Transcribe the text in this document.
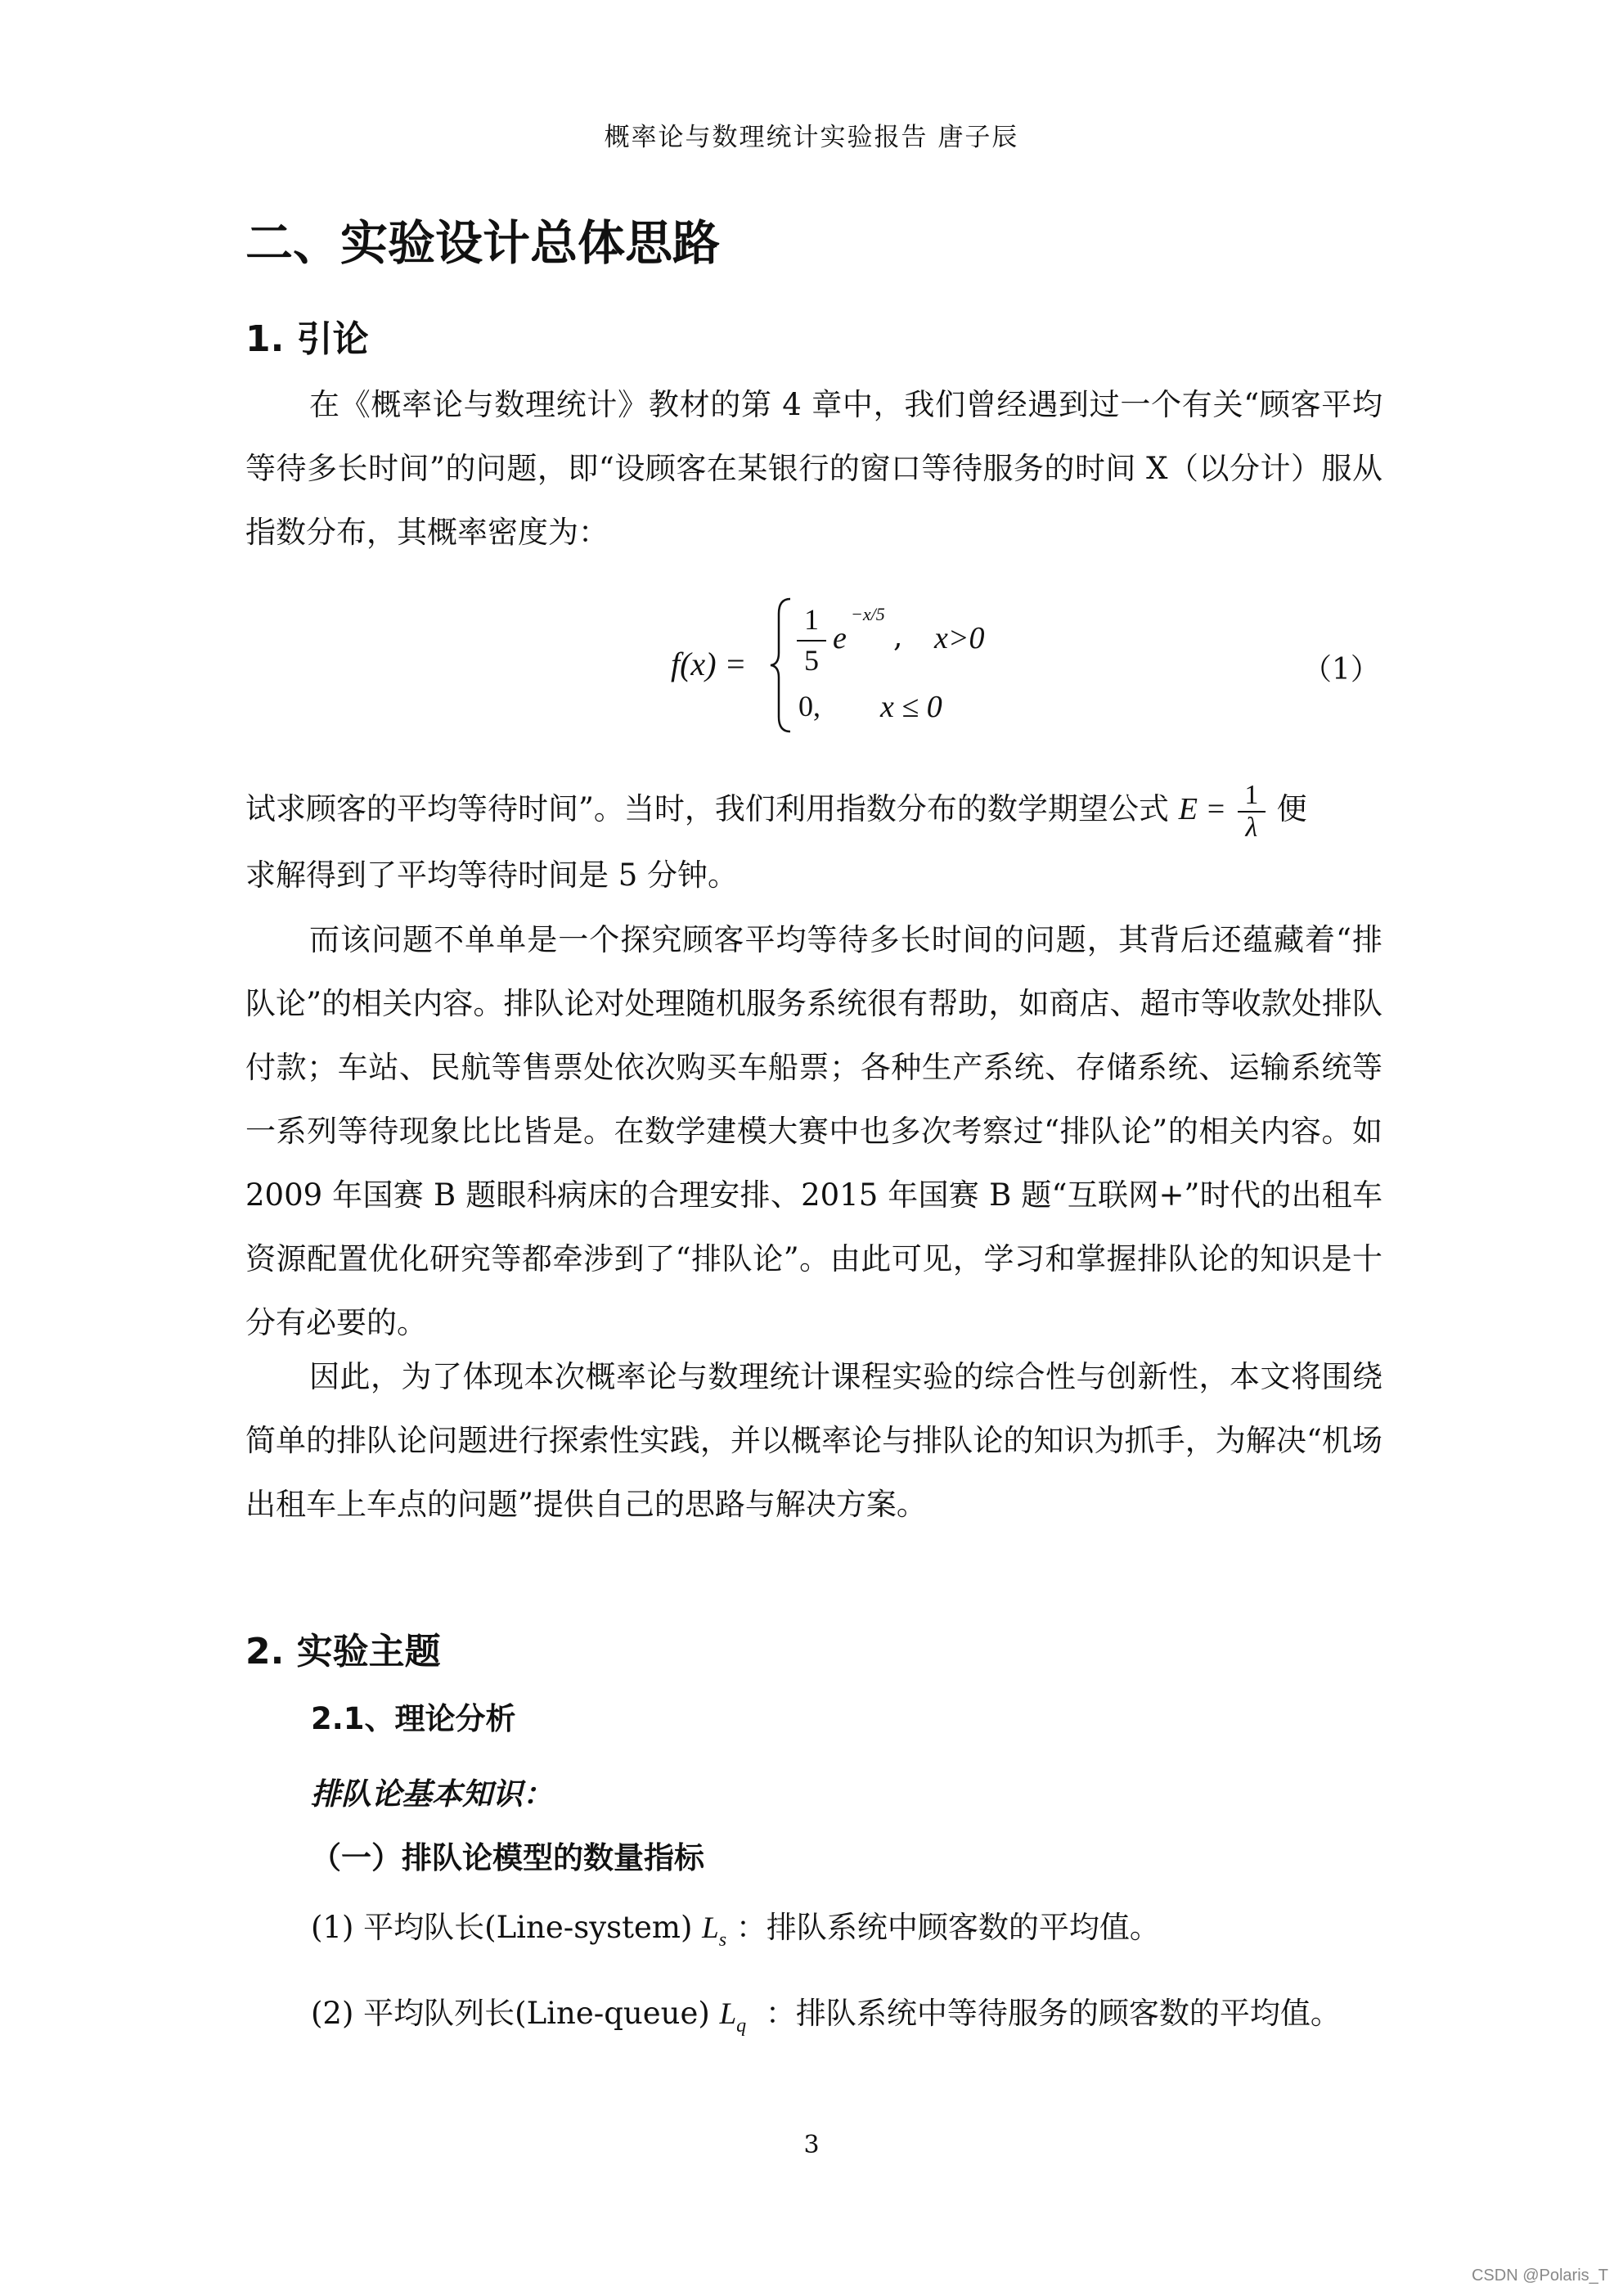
概率论与数理统计实验报告 唐子辰
二、实验设计总体思路
1. 引论
在《概率论与数理统计》教材的第 4 章中，我们曾经遇到过一个有关“顾客平均等待多长时间”的问题，即“设顾客在某银行的窗口等待服务的时间 X（以分计）服从指数分布，其概率密度为：
f(x) =
1
5
e
−x/5
, x>0
0, x ≤ 0
（1）
试求顾客的平均等待时间”。当时，我们利用指数分布的数学期望公式 $E = \frac{1}{\lambda}$ 便
求解得到了平均等待时间是 5 分钟。
而该问题不单单是一个探究顾客平均等待多长时间的问题，其背后还蕴藏着“排队论”的相关内容。排队论对处理随机服务系统很有帮助，如商店、超市等收款处排队付款；车站、民航等售票处依次购买车船票；各种生产系统、存储系统、运输系统等一系列等待现象比比皆是。在数学建模大赛中也多次考察过“排队论”的相关内容。如 2009 年国赛 B 题眼科病床的合理安排、2015 年国赛 B 题“互联网+”时代的出租车资源配置优化研究等都牵涉到了“排队论”。由此可见，学习和掌握排队论的知识是十分有必要的。
因此，为了体现本次概率论与数理统计课程实验的综合性与创新性，本文将围绕简单的排队论问题进行探索性实践，并以概率论与排队论的知识为抓手，为解决“机场出租车上车点的问题”提供自己的思路与解决方案。
2. 实验主题
2.1、理论分析
排队论基本知识：
（一）排队论模型的数量指标
(1) 平均队长(Line-system) $L_s$ ：排队系统中顾客数的平均值。
(2) 平均队列长(Line-queue) $L_q$ ：排队系统中等待服务的顾客数的平均值。
3
CSDN @Polaris_T
